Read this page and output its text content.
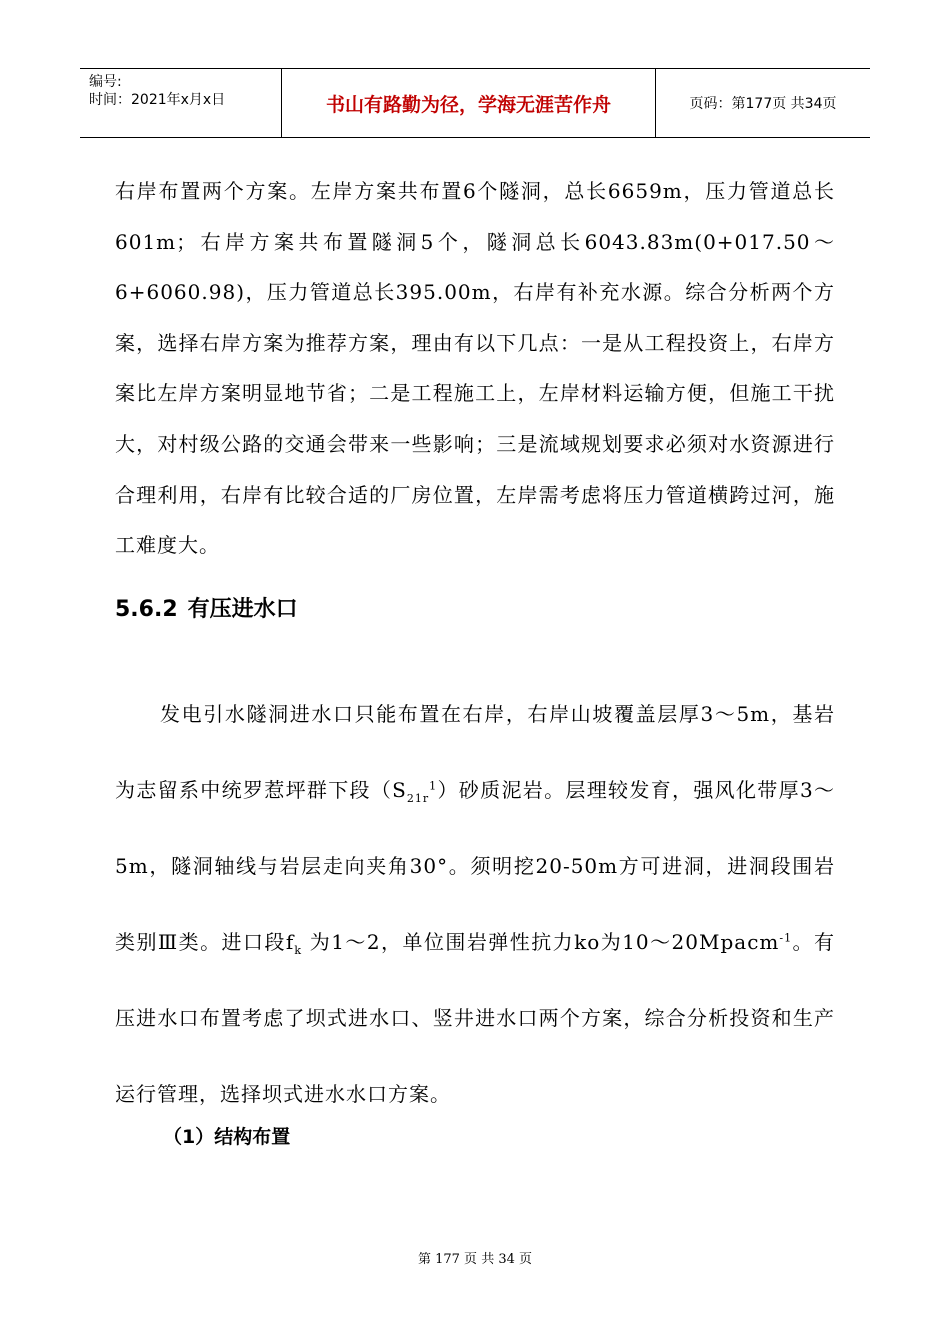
编号:
时间：2021年x月x日	书山有路勤为径，学海无涯苦作舟	页码：第177页 共34页

右岸布置两个方案。左岸方案共布置6个隧洞，总长6659m，压力管道总长601m；右岸方案共布置隧洞5个，隧洞总长6043.83m(0+017.50～6+6060.98)，压力管道总长395.00m，右岸有补充水源。综合分析两个方案，选择右岸方案为推荐方案，理由有以下几点：一是从工程投资上，右岸方案比左岸方案明显地节省；二是工程施工上，左岸材料运输方便，但施工干扰大，对村级公路的交通会带来一些影响；三是流域规划要求必须对水资源进行合理利用，右岸有比较合适的厂房位置，左岸需考虑将压力管道横跨过河，施工难度大。

5.6.2 有压进水口

发电引水隧洞进水口只能布置在右岸，右岸山坡覆盖层厚3～5m，基岩为志留系中统罗惹坪群下段$(S_{21r}^1)$砂质泥岩。层理较发育，强风化带厚3～5m，隧洞轴线与岩层走向夹角30°。须明挖20-50m方可进洞，进洞段围岩类别Ⅲ类。进口段$f_k$ 为1～2，单位围岩弹性抗力ko为10～20Mpacm$^{-1}$。有压进水口布置考虑了坝式进水口、竖井进水口两个方案，综合分析投资和生产运行管理，选择坝式进水水口方案。

（1）结构布置
第 177 页 共 34 页
